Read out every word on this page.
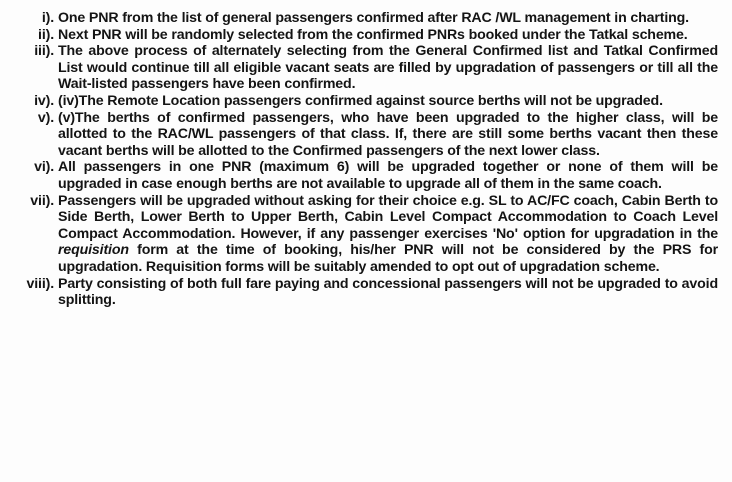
i). One PNR from the list of general passengers confirmed after RAC /WL management in charting.
ii). Next PNR will be randomly selected from the confirmed PNRs booked under the Tatkal scheme.
iii). The above process of alternately selecting from the General Confirmed list and Tatkal Confirmed List would continue till all eligible vacant seats are filled by upgradation of passengers or till all the Wait-listed passengers have been confirmed.
iv). (iv)The Remote Location passengers confirmed against source berths will not be upgraded.
v). (v)The berths of confirmed passengers, who have been upgraded to the higher class, will be allotted to the RAC/WL passengers of that class. If, there are still some berths vacant then these vacant berths will be allotted to the Confirmed passengers of the next lower class.
vi). All passengers in one PNR (maximum 6) will be upgraded together or none of them will be upgraded in case enough berths are not available to upgrade all of them in the same coach.
vii). Passengers will be upgraded without asking for their choice e.g. SL to AC/FC coach, Cabin Berth to Side Berth, Lower Berth to Upper Berth, Cabin Level Compact Accommodation to Coach Level Compact Accommodation. However, if any passenger exercises 'No' option for upgradation in the requisition form at the time of booking, his/her PNR will not be considered by the PRS for upgradation. Requisition forms will be suitably amended to opt out of upgradation scheme.
viii). Party consisting of both full fare paying and concessional passengers will not be upgraded to avoid splitting.
